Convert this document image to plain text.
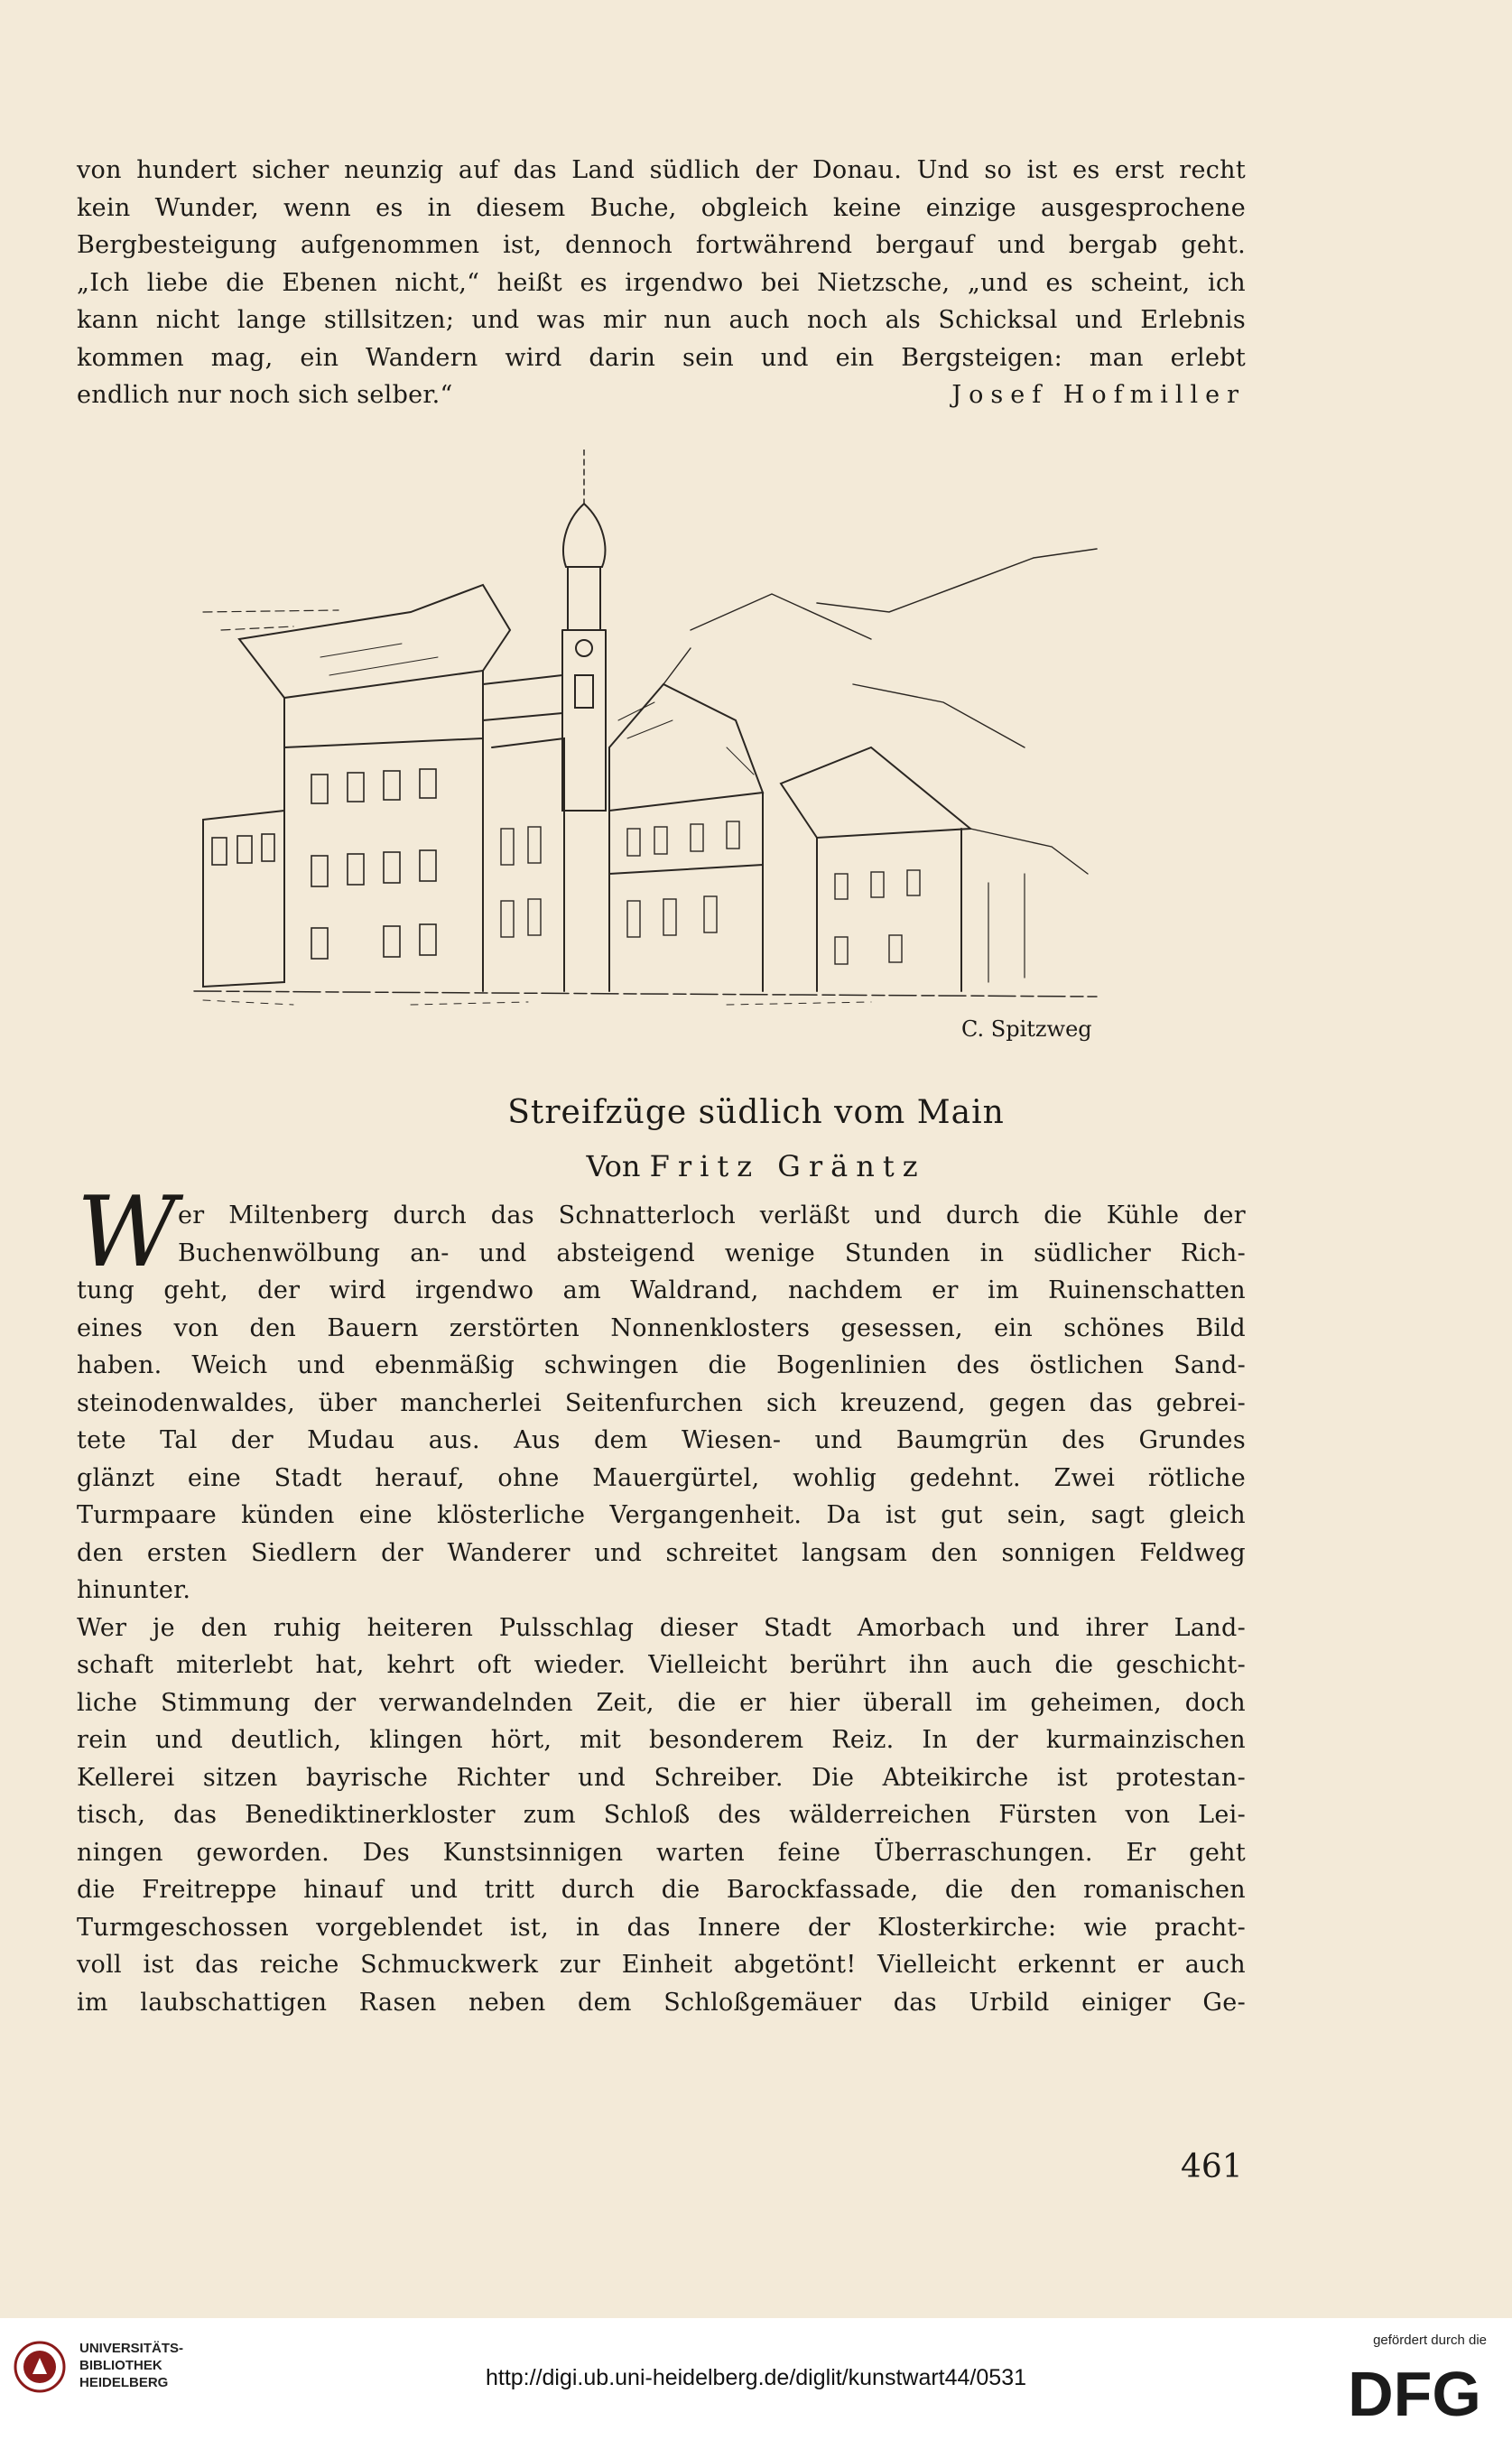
von hundert sicher neunzig auf das Land südlich der Donau. Und so ist es erst recht
kein Wunder, wenn es in diesem Buche, obgleich keine einzige ausgesprochene
Bergbesteigung aufgenommen ist, dennoch fortwährend bergauf und bergab geht.
„Ich liebe die Ebenen nicht,“ heißt es irgendwo bei Nietzsche, „und es scheint, ich
kann nicht lange stillsitzen; und was mir nun auch noch als Schicksal und Erlebnis
kommen mag, ein Wandern wird darin sein und ein Bergsteigen: man erlebt
endlich nur noch sich selber.“	Josef Hofmiller
C. Spitzweg
Streifzüge südlich vom Main
Von Fritz Gräntz
W er Miltenberg durch das Schnatterloch verläßt und durch die Kühle der
Buchenwölbung an- und absteigend wenige Stunden in südlicher Rich-
tung geht, der wird irgendwo am Waldrand, nachdem er im Ruinenschatten
eines von den Bauern zerstörten Nonnenklosters gesessen, ein schönes Bild
haben. Weich und ebenmäßig schwingen die Bogenlinien des östlichen Sand-
steinodenwaldes, über mancherlei Seitenfurchen sich kreuzend, gegen das gebrei-
tete Tal der Mudau aus. Aus dem Wiesen- und Baumgrün des Grundes
glänzt eine Stadt herauf, ohne Mauergürtel, wohlig gedehnt. Zwei rötliche
Turmpaare künden eine klösterliche Vergangenheit. Da ist gut sein, sagt gleich
den ersten Siedlern der Wanderer und schreitet langsam den sonnigen Feldweg
hinunter.
Wer je den ruhig heiteren Pulsschlag dieser Stadt Amorbach und ihrer Land-
schaft miterlebt hat, kehrt oft wieder. Vielleicht berührt ihn auch die geschicht-
liche Stimmung der verwandelnden Zeit, die er hier überall im geheimen, doch
rein und deutlich, klingen hört, mit besonderem Reiz. In der kurmainzischen
Kellerei sitzen bayrische Richter und Schreiber. Die Abteikirche ist protestan-
tisch, das Benediktinerkloster zum Schloß des wälderreichen Fürsten von Lei-
ningen geworden. Des Kunstsinnigen warten feine Überraschungen. Er geht
die Freitreppe hinauf und tritt durch die Barockfassade, die den romanischen
Turmgeschossen vorgeblendet ist, in das Innere der Klosterkirche: wie pracht-
voll ist das reiche Schmuckwerk zur Einheit abgetönt! Vielleicht erkennt er auch
im laubschattigen Rasen neben dem Schloßgemäuer das Urbild einiger Ge-
461
UNIVERSITÄTS-
BIBLIOTHEK
HEIDELBERG	http://digi.ub.uni-heidelberg.de/diglit/kunstwart44/0531
gefördert durch die
DFG
